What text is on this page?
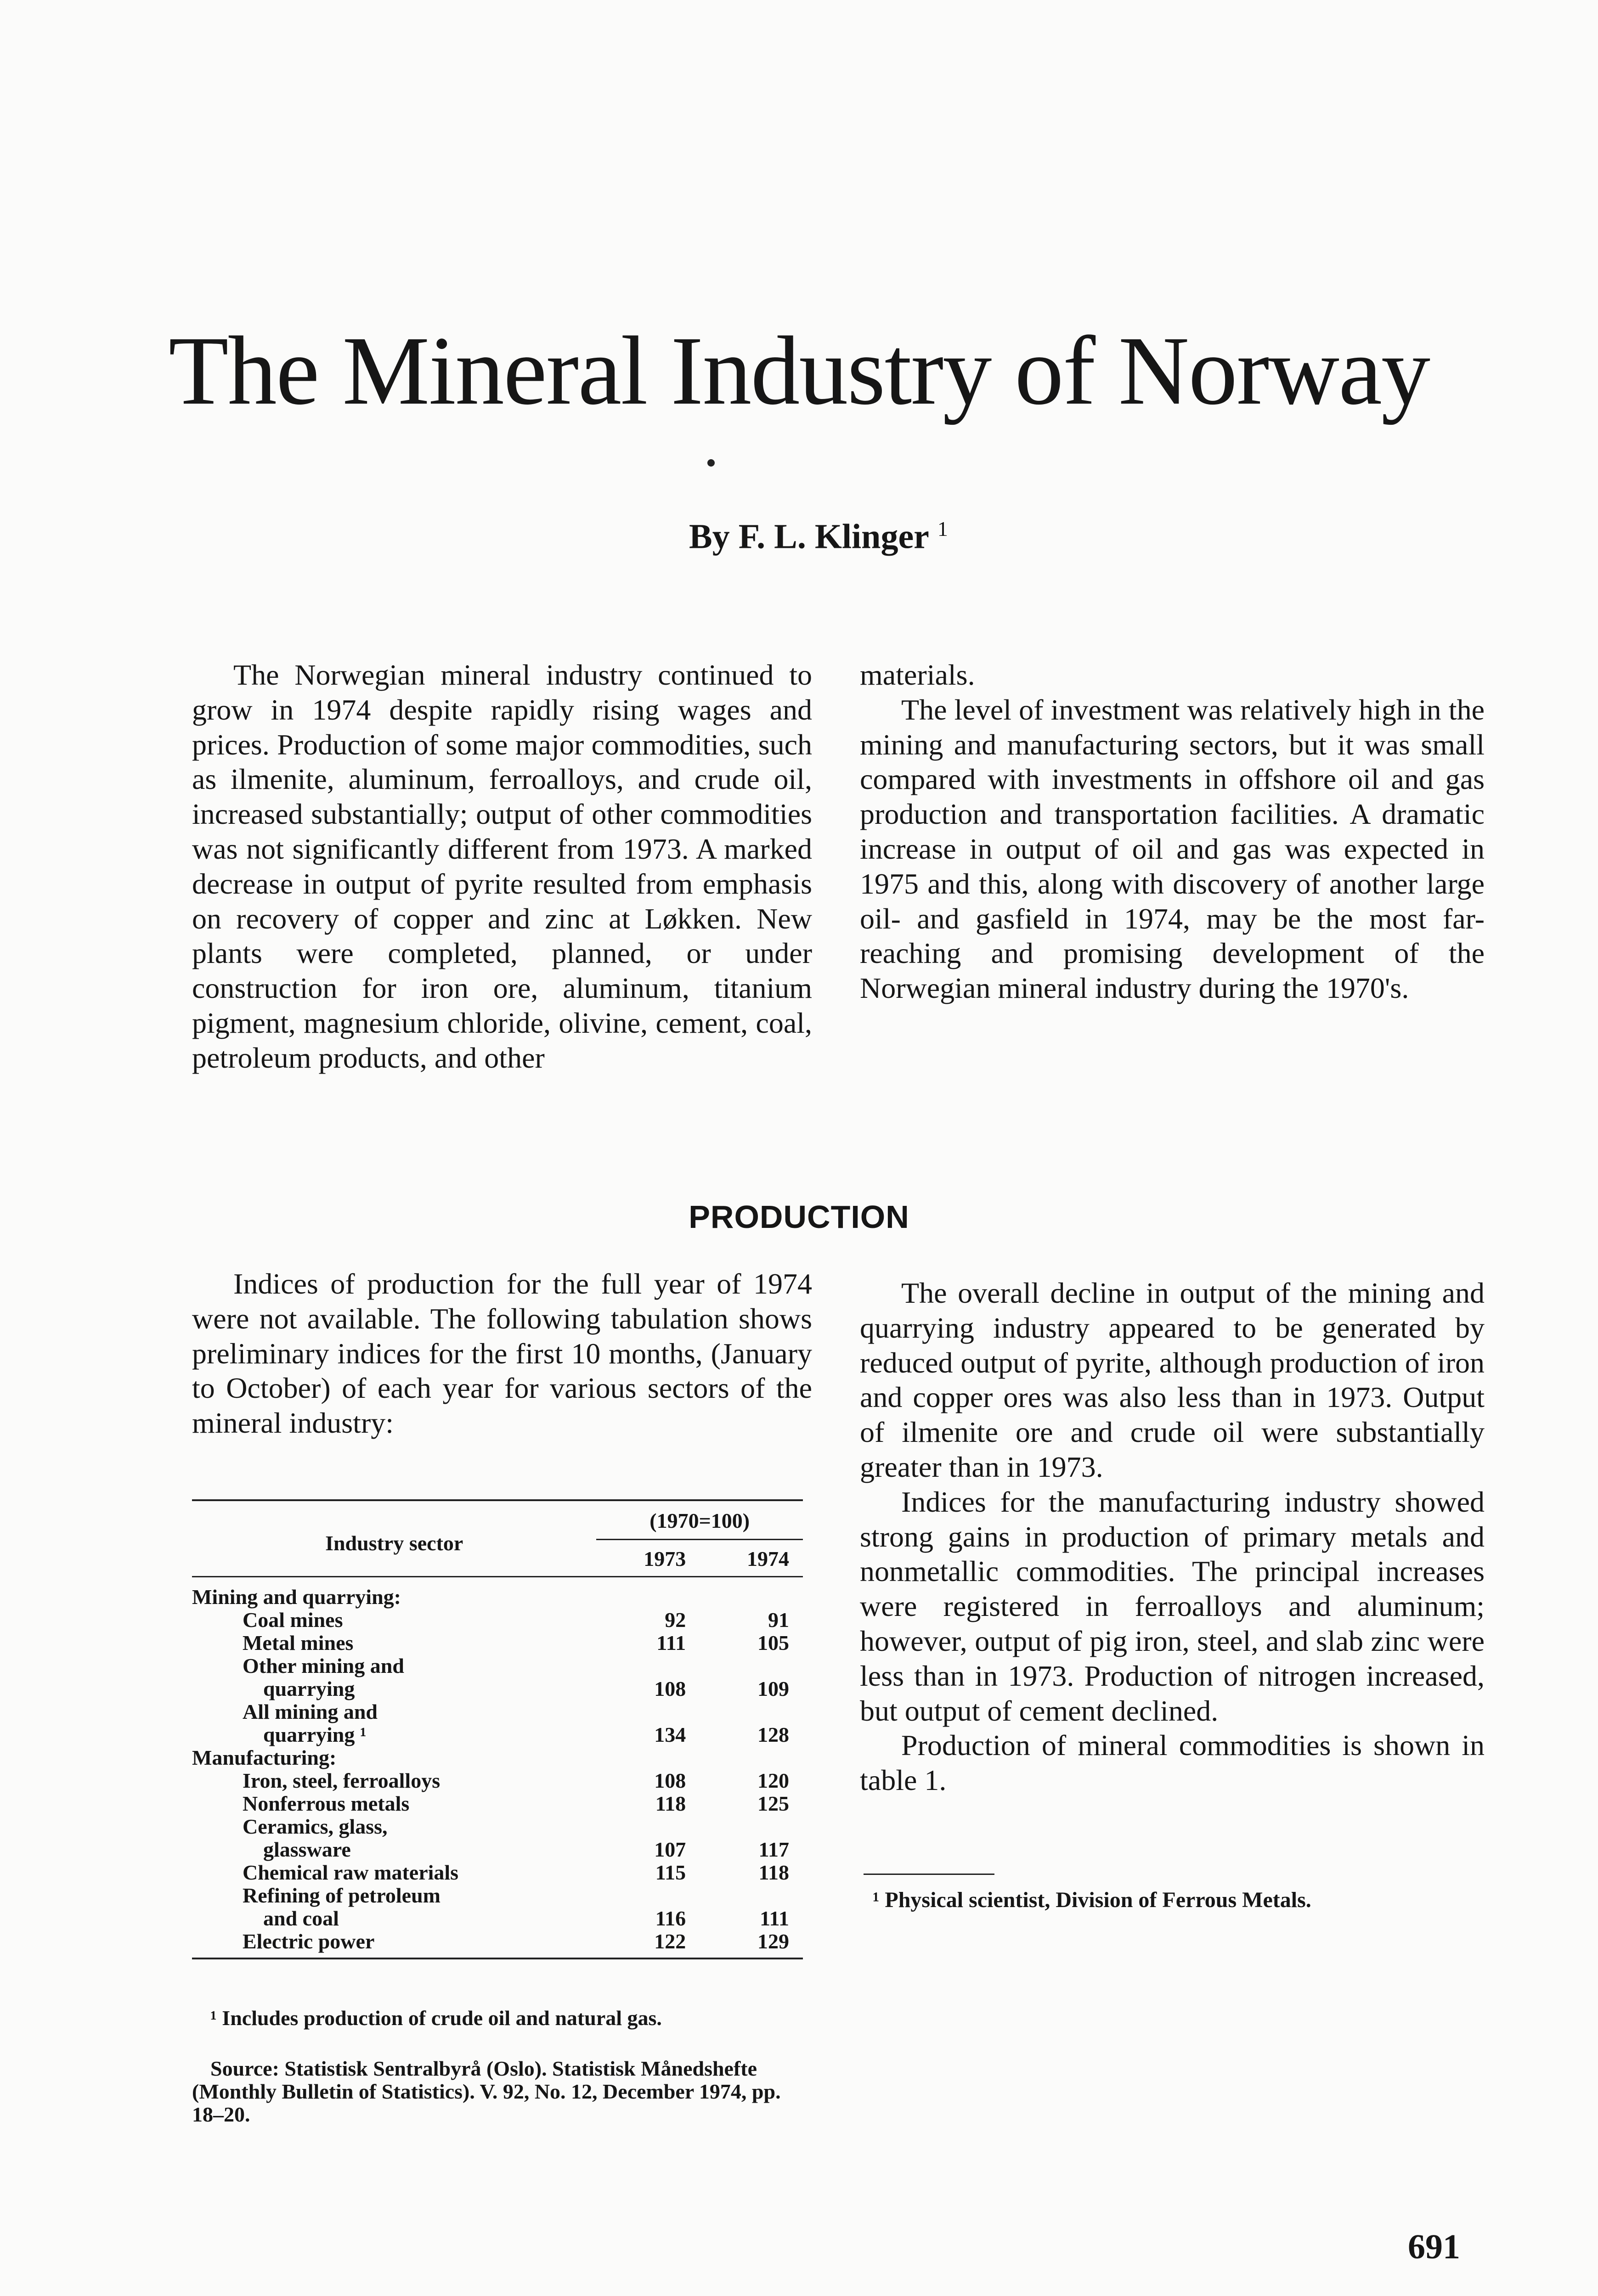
The Mineral Industry of Norway
By F. L. Klinger $^1$

The Norwegian mineral industry continued to grow in 1974 despite rapidly rising wages and prices. Production of some major commodities, such as ilmenite, aluminum, ferroalloys, and crude oil, increased substantially; output of other commodities was not significantly different from 1973. A marked decrease in output of pyrite resulted from emphasis on recovery of copper and zinc at Løkken. New plants were completed, planned, or under construction for iron ore, aluminum, titanium pigment, magnesium chloride, olivine, cement, coal, petroleum products, and other

materials.

The level of investment was relatively high in the mining and manufacturing sectors, but it was small compared with investments in offshore oil and gas production and transportation facilities. A dramatic increase in output of oil and gas was expected in 1975 and this, along with discovery of another large oil- and gasfield in 1974, may be the most far-reaching and promising development of the Norwegian mineral industry during the 1970's.

PRODUCTION

Indices of production for the full year of 1974 were not available. The following tabulation shows preliminary indices for the first 10 months, (January to October) of each year for various sectors of the mineral industry:

The overall decline in output of the mining and quarrying industry appeared to be generated by reduced output of pyrite, although production of iron and copper ores was also less than in 1973. Output of ilmenite ore and crude oil were substantially greater than in 1973.

Indices for the manufacturing industry showed strong gains in production of primary metals and nonmetallic commodities. The principal increases were registered in ferroalloys and aluminum; however, output of pig iron, steel, and slab zinc were less than in 1973. Production of nitrogen increased, but output of cement declined.

Production of mineral commodities is shown in table 1.

Industry sector	(1970=100)	
	1973	1974
Mining and quarrying:		
Coal mines	92	91
Metal mines	111	105
Other mining and		
quarrying	108	109
All mining and		
quarrying ¹	134	128
Manufacturing:		
Iron, steel, ferroalloys	108	120
Nonferrous metals	118	125
Ceramics, glass,		
glassware	107	117
Chemical raw materials	115	118
Refining of petroleum		
and coal	116	111
Electric power	122	129
¹ Includes production of crude oil and natural gas.
Source: Statistisk Sentralbyrå (Oslo). Statistisk Månedshefte (Monthly Bulletin of Statistics). V. 92, No. 12, December 1974, pp. 18–20.
¹ Physical scientist, Division of Ferrous Metals.
691
